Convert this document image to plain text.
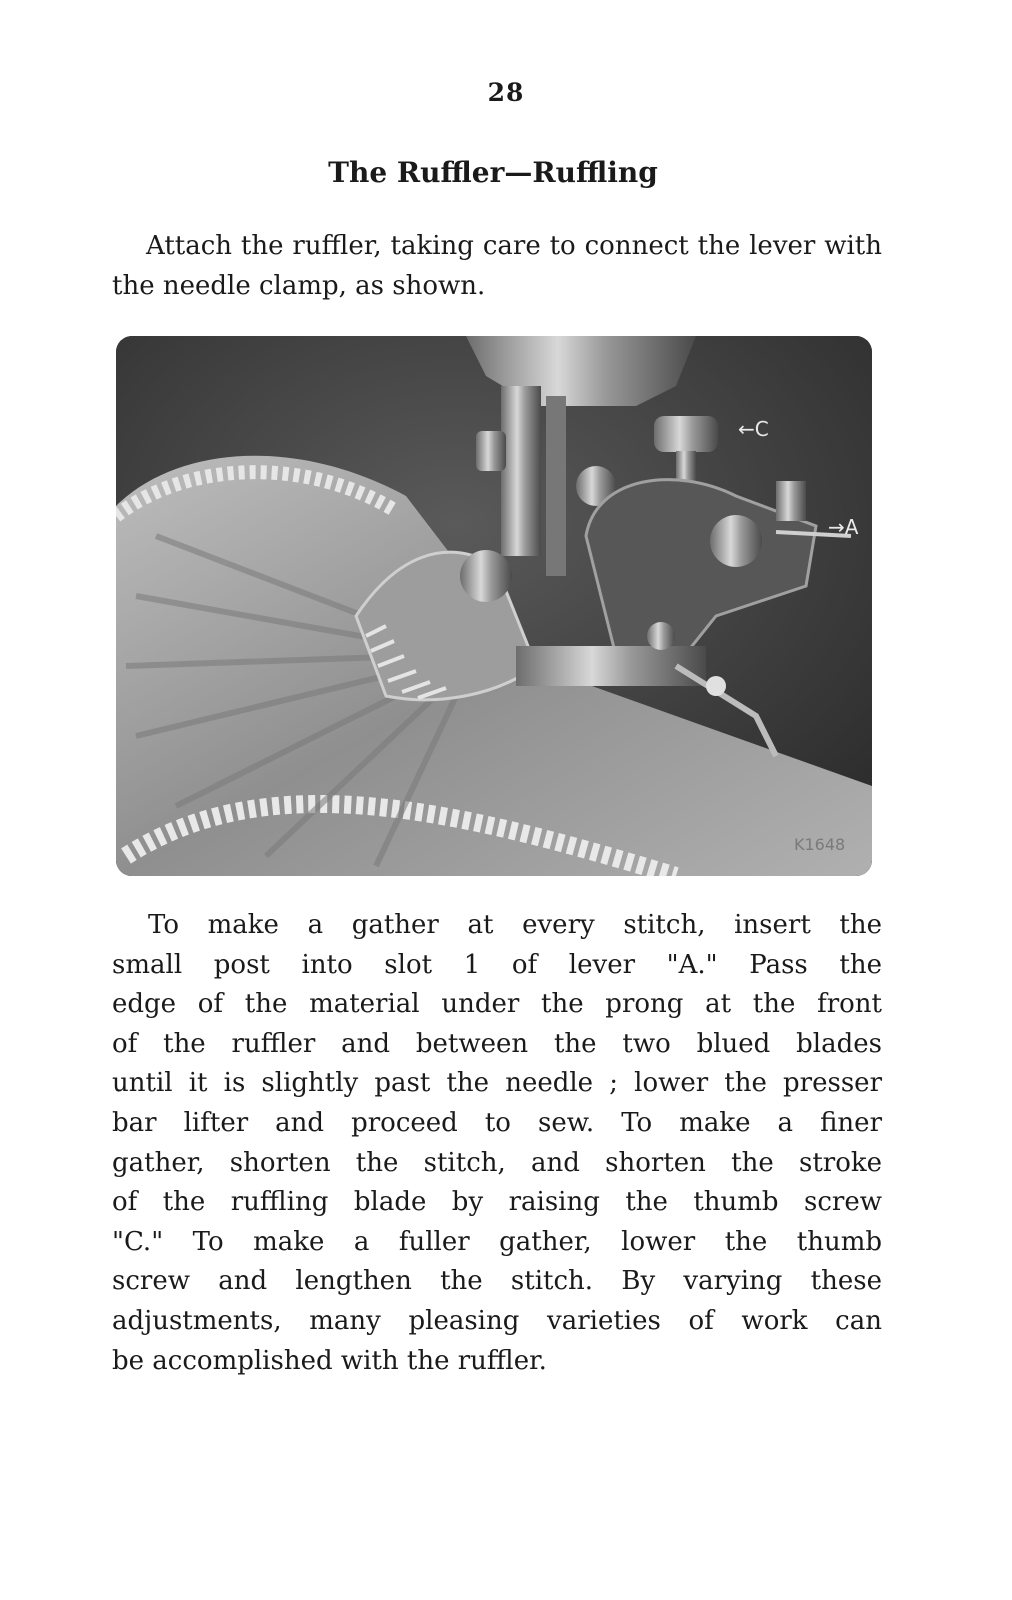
28
The Ruffler—Ruffling
Attach the ruffler, taking care to connect the lever with the needle clamp, as shown.
←C
→A
K1648

To make a gather at every stitch, insert the

small post into slot 1 of lever "A." Pass the
edge of the material under the prong at the front
of the ruffler and between the two blued blades
until it is slightly past the needle ; lower the presser
bar lifter and proceed to sew. To make a finer
gather, shorten the stitch, and shorten the stroke
of the ruffling blade by raising the thumb screw
"C." To make a fuller gather, lower the thumb
screw and lengthen the stitch. By varying these
adjustments, many pleasing varieties of work can
be accomplished with the ruffler.
